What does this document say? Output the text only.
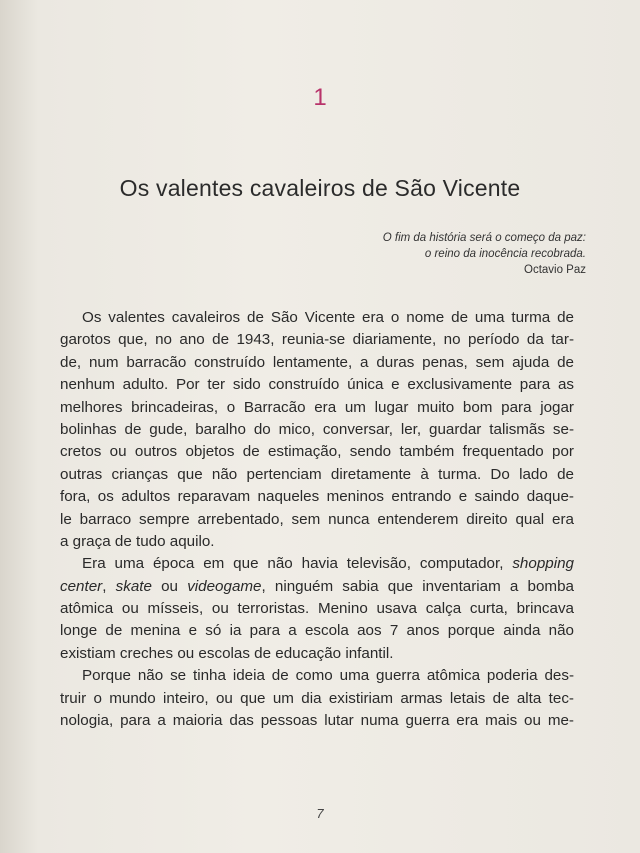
1
Os valentes cavaleiros de São Vicente
O fim da história será o começo da paz:
o reino da inocência recobrada.
Octavio Paz
Os valentes cavaleiros de São Vicente era o nome de uma turma de
garotos que, no ano de 1943, reunia-se diariamente, no período da tar-
de, num barracão construído lentamente, a duras penas, sem ajuda de
nenhum adulto. Por ter sido construído única e exclusivamente para as
melhores brincadeiras, o Barracão era um lugar muito bom para jogar
bolinhas de gude, baralho do mico, conversar, ler, guardar talismãs se-
cretos ou outros objetos de estimação, sendo também frequentado por
outras crianças que não pertenciam diretamente à turma. Do lado de
fora, os adultos reparavam naqueles meninos entrando e saindo daque-
le barraco sempre arrebentado, sem nunca entenderem direito qual era
a graça de tudo aquilo.
Era uma época em que não havia televisão, computador, shopping
center, skate ou videogame, ninguém sabia que inventariam a bomba
atômica ou mísseis, ou terroristas. Menino usava calça curta, brincava
longe de menina e só ia para a escola aos 7 anos porque ainda não
existiam creches ou escolas de educação infantil.
Porque não se tinha ideia de como uma guerra atômica poderia des-
truir o mundo inteiro, ou que um dia existiriam armas letais de alta tec-
nologia, para a maioria das pessoas lutar numa guerra era mais ou me-
7
